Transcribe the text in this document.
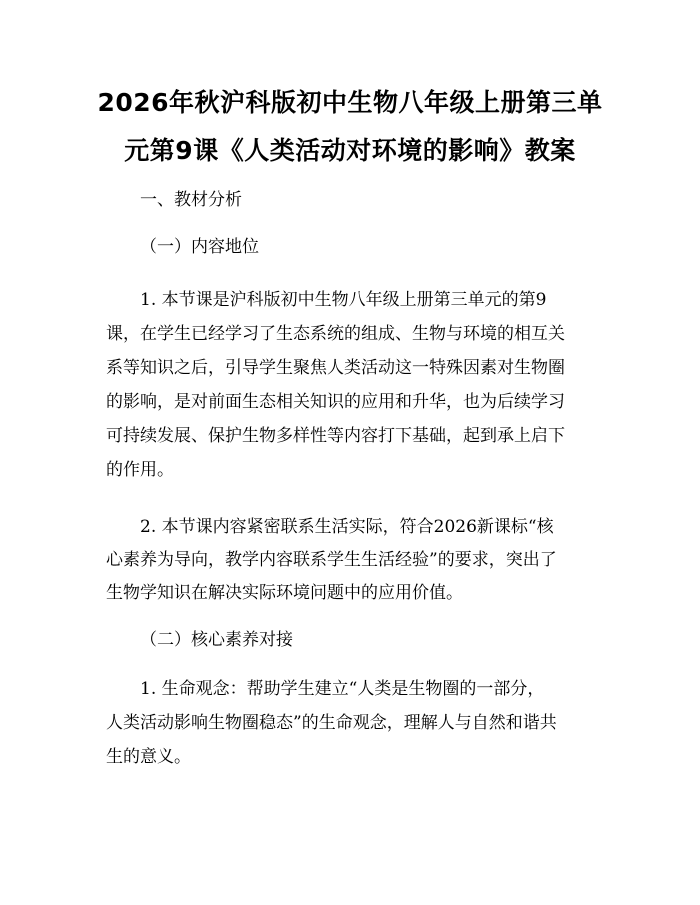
2026年秋沪科版初中生物八年级上册第三单
元第9课《人类活动对环境的影响》教案
一、教材分析
（一）内容地位
1. 本节课是沪科版初中生物八年级上册第三单元的第9
课，在学生已经学习了生态系统的组成、生物与环境的相互关
系等知识之后，引导学生聚焦人类活动这一特殊因素对生物圈
的影响，是对前面生态相关知识的应用和升华，也为后续学习
可持续发展、保护生物多样性等内容打下基础，起到承上启下
的作用。
2. 本节课内容紧密联系生活实际，符合2026新课标“核
心素养为导向，教学内容联系学生生活经验”的要求，突出了
生物学知识在解决实际环境问题中的应用价值。
（二）核心素养对接
1. 生命观念：帮助学生建立“人类是生物圈的一部分，
人类活动影响生物圈稳态”的生命观念，理解人与自然和谐共
生的意义。
